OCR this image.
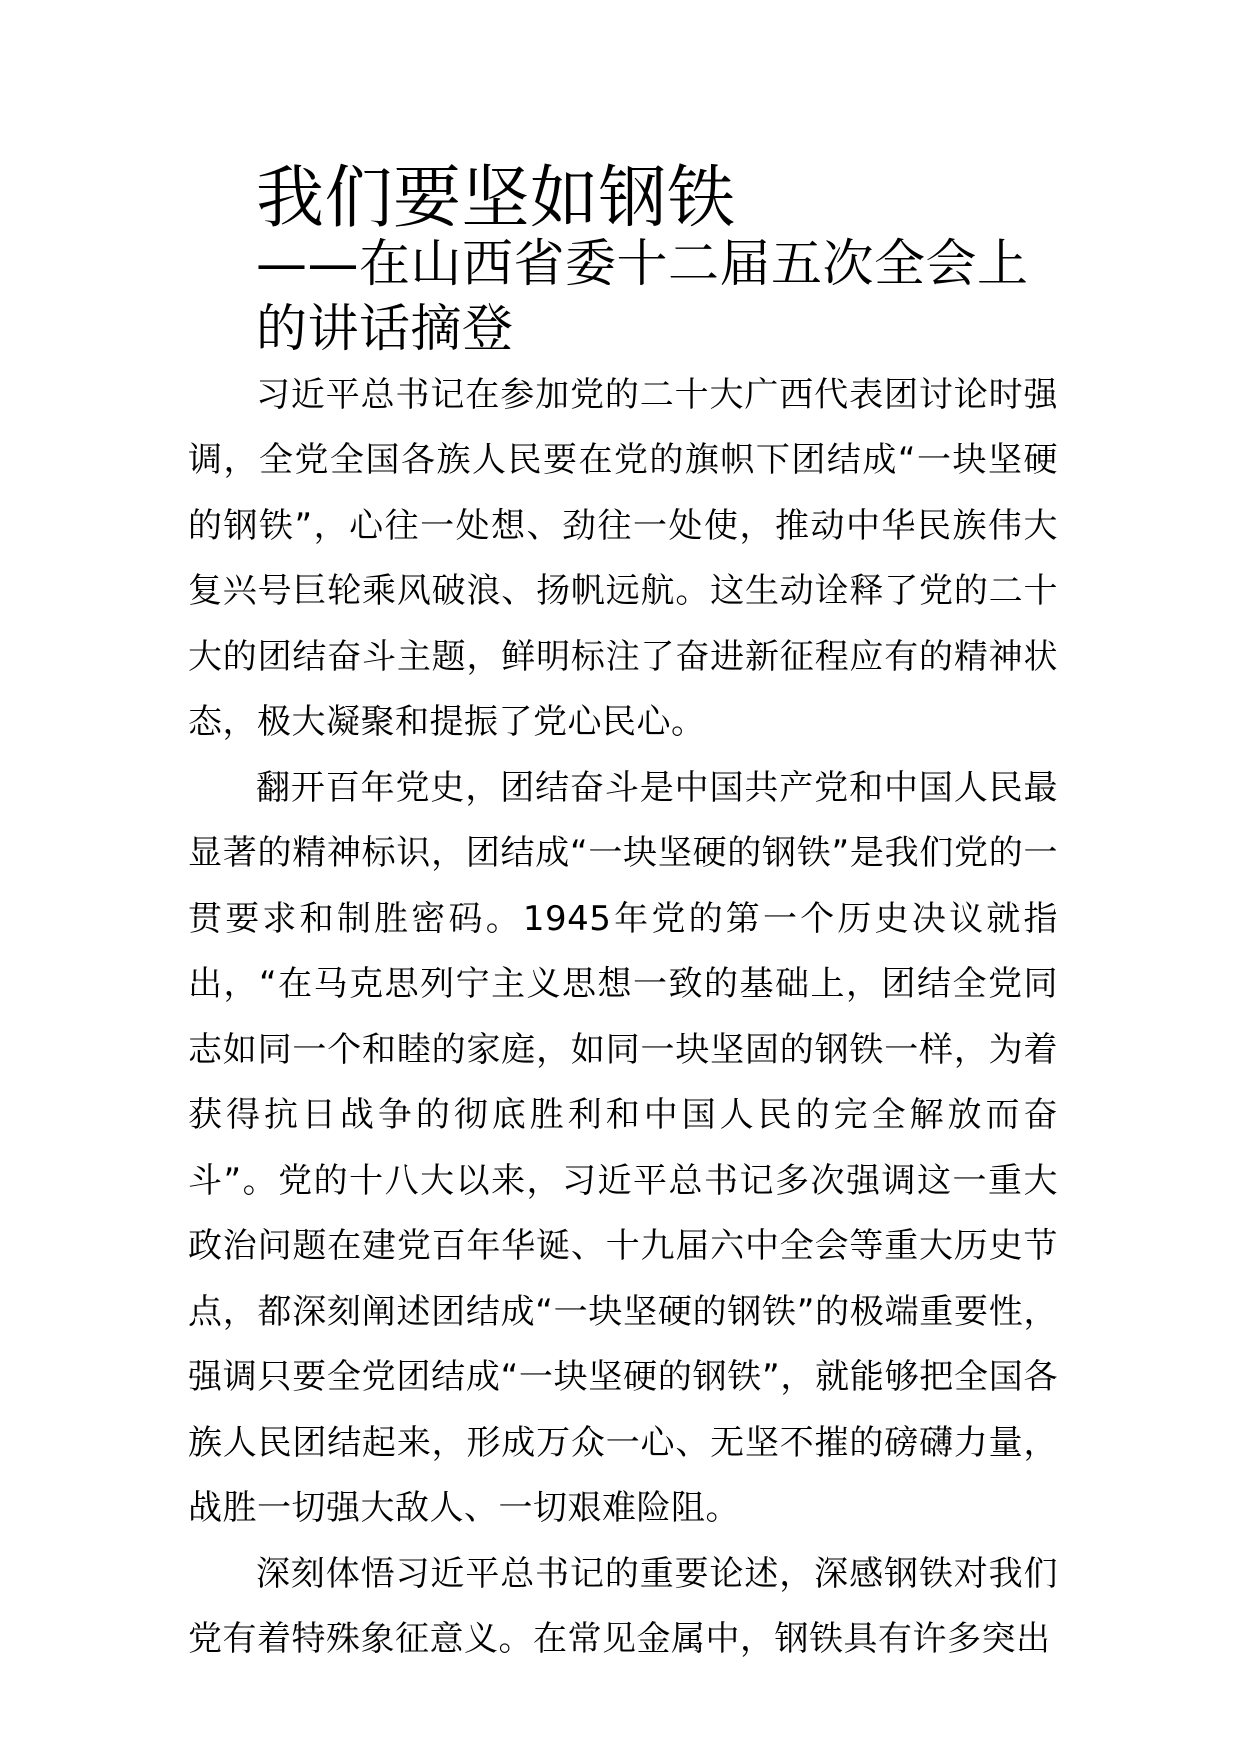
我们要坚如钢铁
——在山西省委十二届五次全会上的讲话摘登

习近平总书记在参加党的二十大广西代表团讨论时强调，全党全国各族人民要在党的旗帜下团结成“一块坚硬的钢铁”，心往一处想、劲往一处使，推动中华民族伟大复兴号巨轮乘风破浪、扬帆远航。这生动诠释了党的二十大的团结奋斗主题，鲜明标注了奋进新征程应有的精神状态，极大凝聚和提振了党心民心。

翻开百年党史，团结奋斗是中国共产党和中国人民最显著的精神标识，团结成“一块坚硬的钢铁”是我们党的一贯要求和制胜密码。1945年党的第一个历史决议就指出，“在马克思列宁主义思想一致的基础上，团结全党同志如同一个和睦的家庭，如同一块坚固的钢铁一样，为着获得抗日战争的彻底胜利和中国人民的完全解放而奋斗”。党的十八大以来，习近平总书记多次强调这一重大政治问题在建党百年华诞、十九届六中全会等重大历史节点，都深刻阐述团结成“一块坚硬的钢铁”的极端重要性，强调只要全党团结成“一块坚硬的钢铁”，就能够把全国各族人民团结起来，形成万众一心、无坚不摧的磅礴力量，战胜一切强大敌人、一切艰难险阻。

深刻体悟习近平总书记的重要论述，深感钢铁对我们党有着特殊象征意义。在常见金属中，钢铁具有许多突出
